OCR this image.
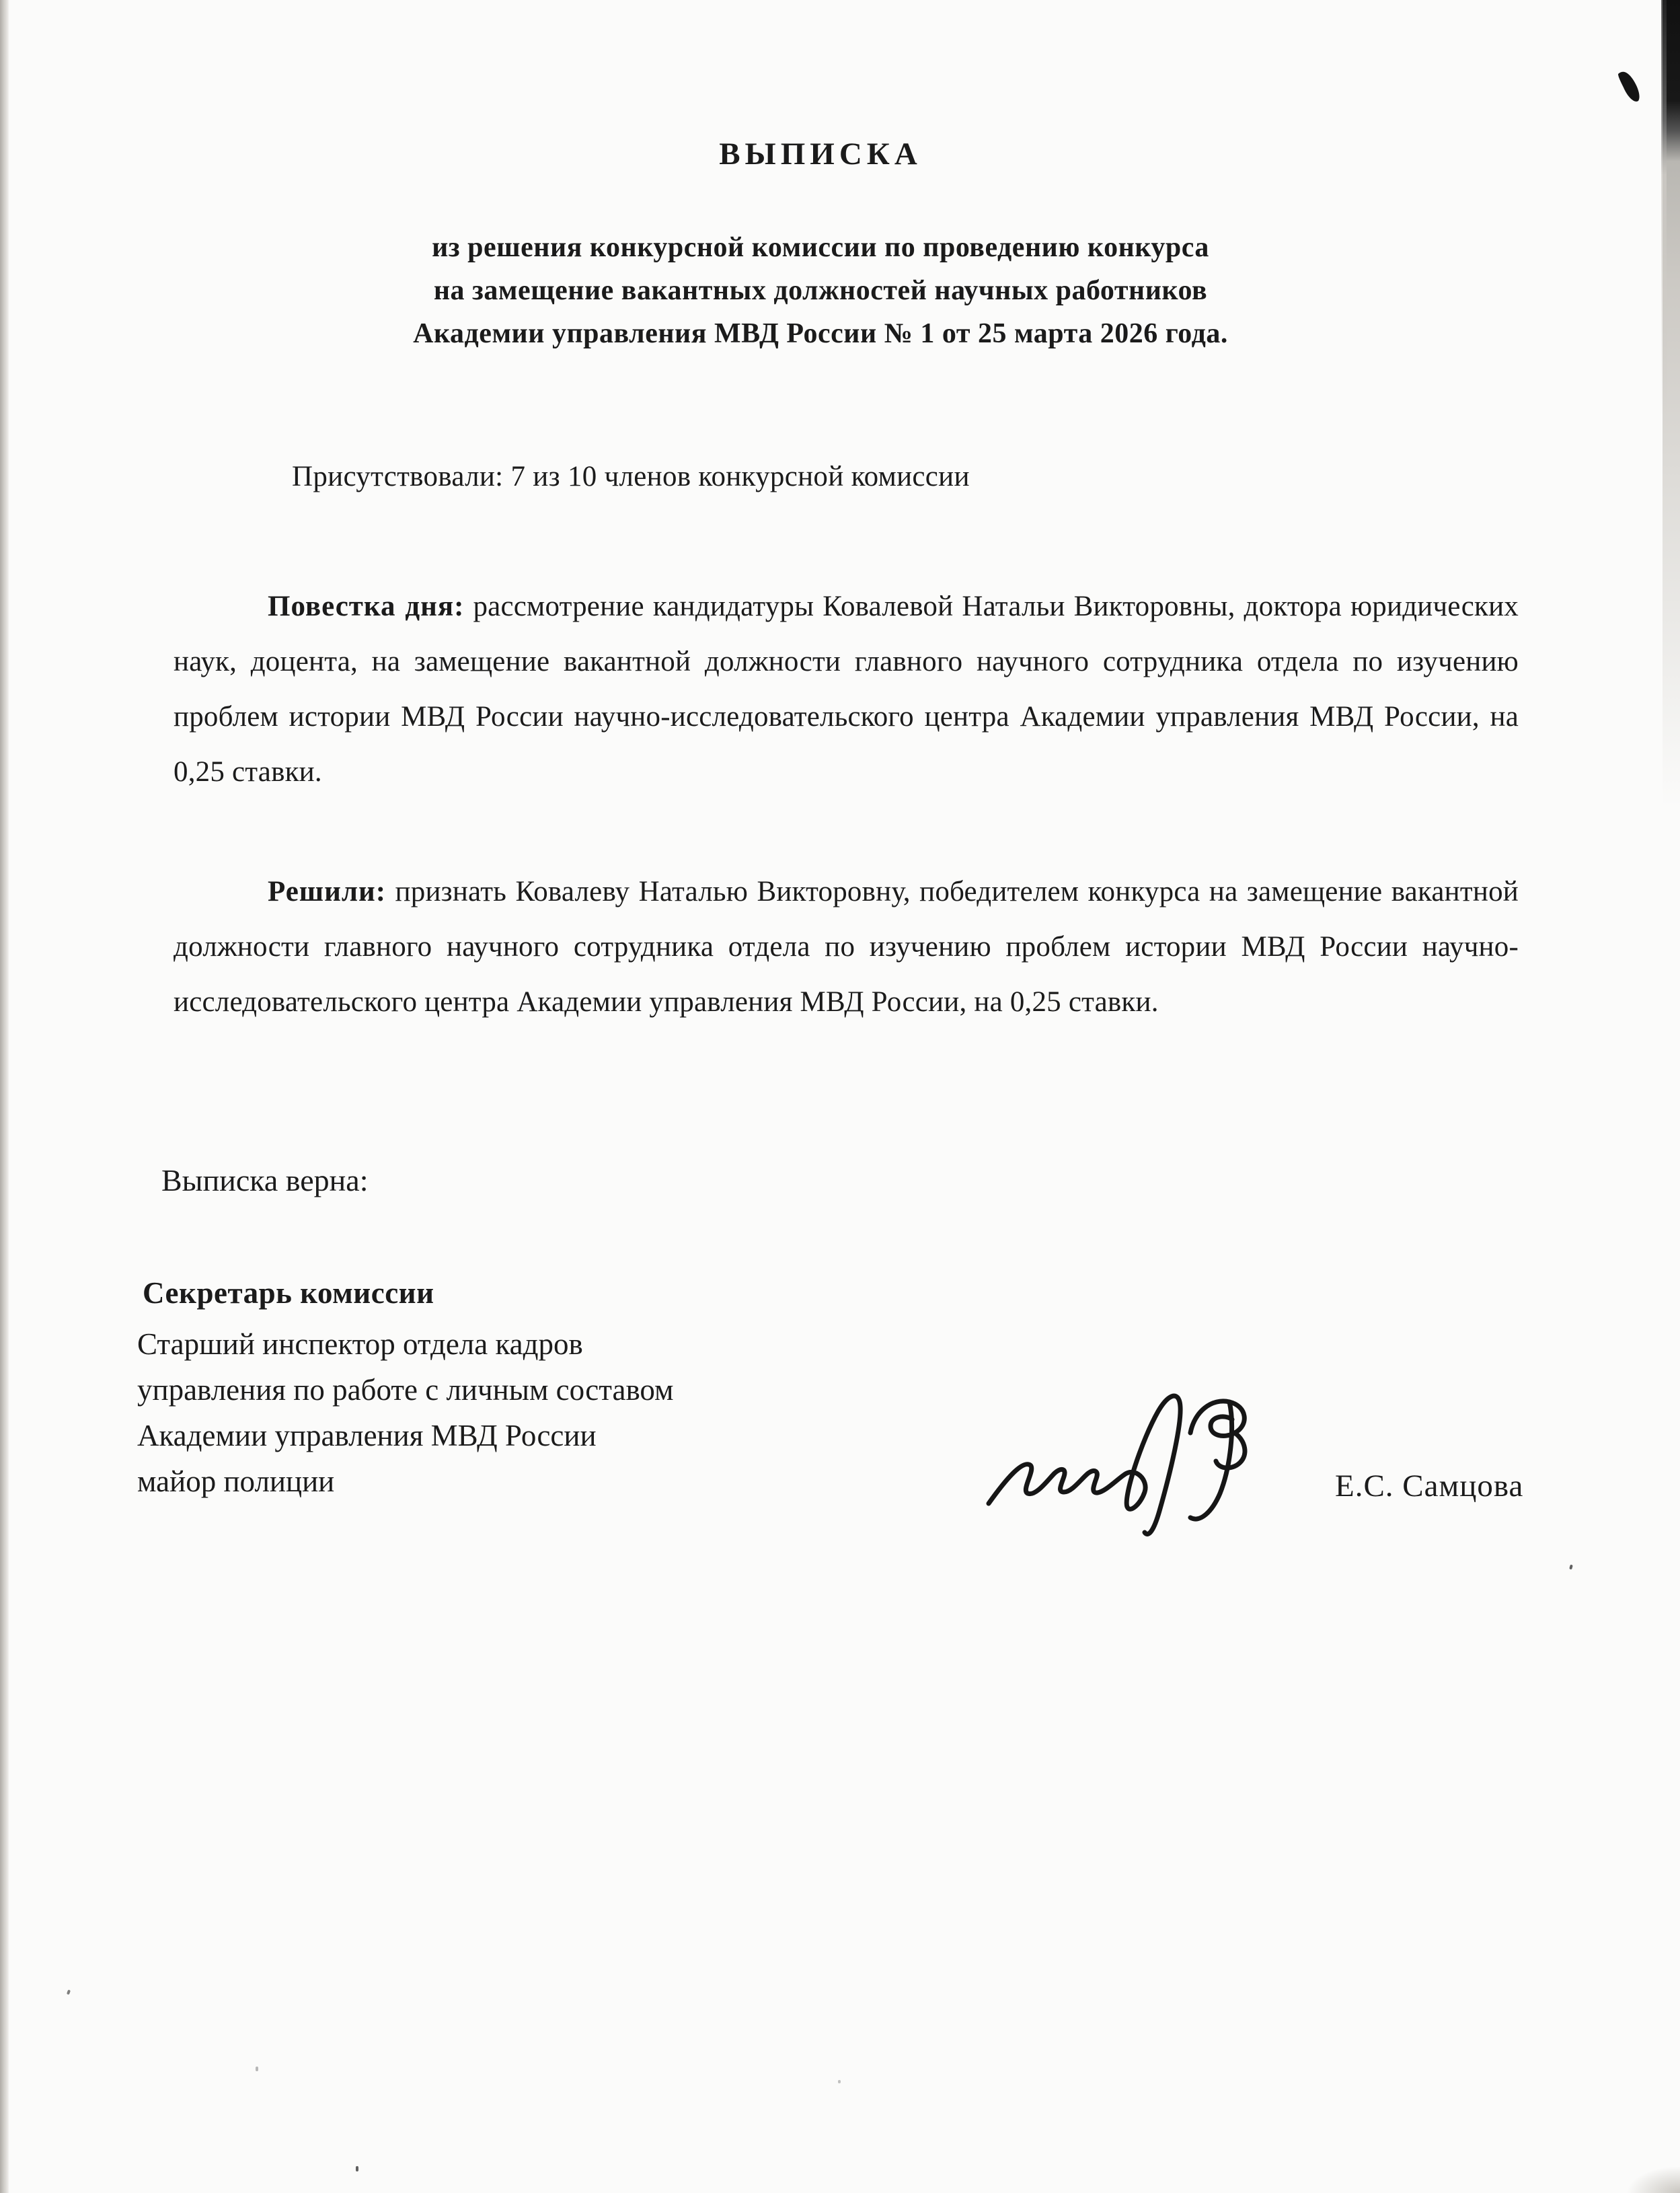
ВЫПИСКА
из решения конкурсной комиссии по проведению конкурса
на замещение вакантных должностей научных работников
Академии управления МВД России № 1 от 25 марта 2026 года.
Присутствовали: 7 из 10 членов конкурсной комиссии

Повестка дня: рассмотрение кандидатуры Ковалевой Натальи Викторовны, доктора юридических наук, доцента, на замещение вакантной должности главного научного сотрудника отдела по изучению проблем истории МВД России научно-исследовательского центра Академии управления МВД России, на 0,25 ставки.

Решили: признать Ковалеву Наталью Викторовну, победителем конкурса на замещение вакантной должности главного научного сотрудника отдела по изучению проблем истории МВД России научно-исследовательского центра Академии управления МВД России, на 0,25 ставки.

Выписка верна:
Секретарь комиссии
Старший инспектор отдела кадров
управления по работе с личным составом
Академии управления МВД России
майор полиции	Е.С. Самцова
